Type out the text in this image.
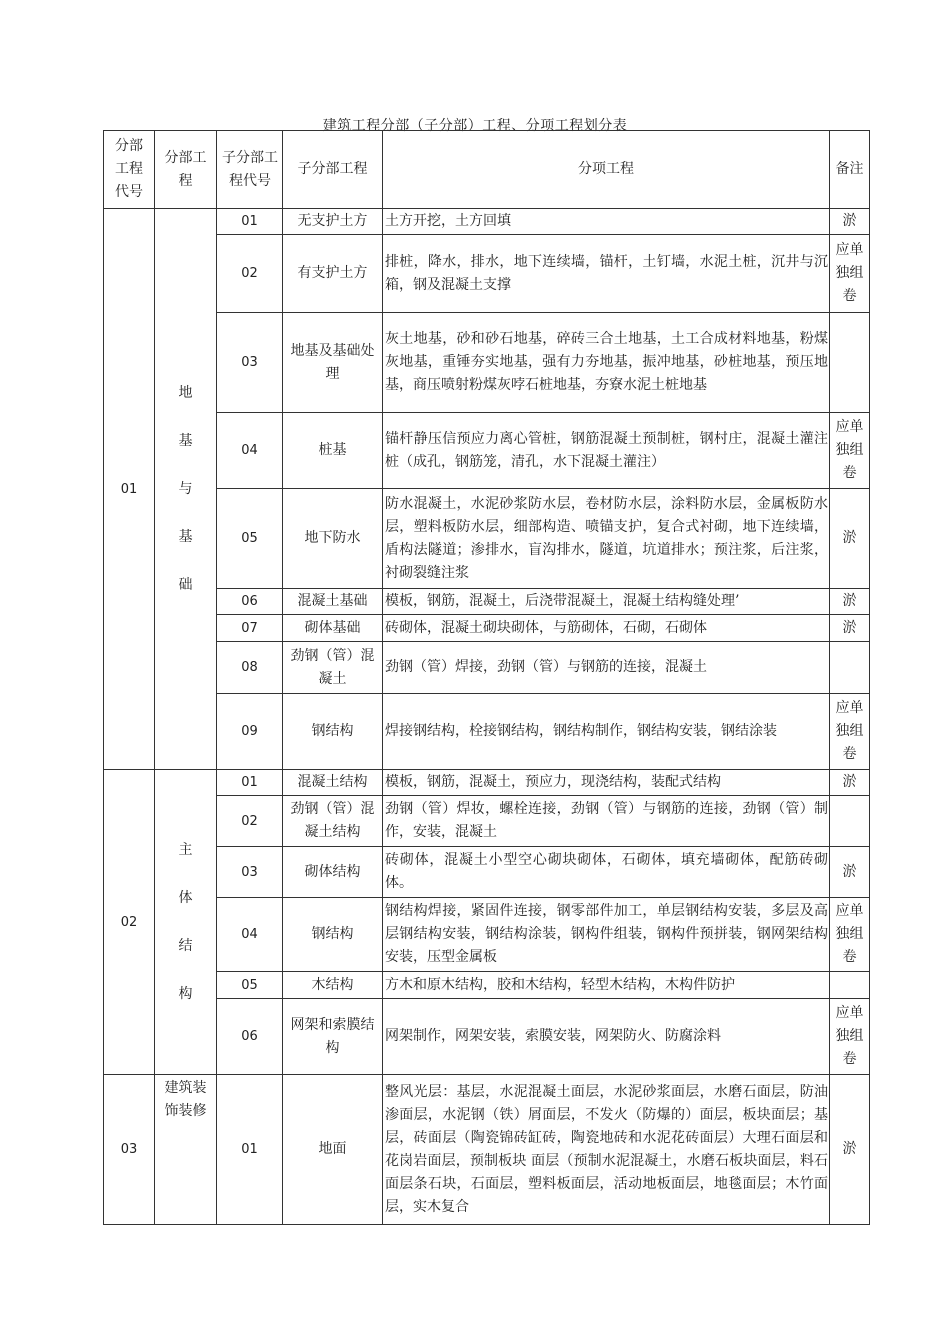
建筑工程分部（子分部）工程、分项工程划分表
分部工程代号	分部工程	子分部工程代号	子分部工程	分项工程	备注
01	地基与基础	01	无支护土方	土方开挖，土方回填	淤
		02	有支护土方	排桩，降水，排水，地下连续墙，锚杆，土钉墙，水泥土桩，沉井与沉箱，钢及混凝土支撑	应单独组卷
		03	地基及基础处理	灰土地基，砂和砂石地基，碎砖三合土地基，土工合成材料地基，粉煤灰地基，重锤夯实地基，强有力夯地基，振冲地基，砂桩地基，预压地基，商压喷射粉煤灰哱石桩地基，夯寮水泥土桩地基	
		04	桩基	锚杆静压信预应力离心管桩，钢筋混凝土预制桩，钢村庄，混凝土灌注桩（成孔，钢筋笼，清孔，水下混凝土灌注）	应单独组卷
		05	地下防水	防水混凝土，水泥砂浆防水层，卷材防水层，涂料防水层，金属板防水层，塑料板防水层，细部构造、喷锚支护，复合式衬砌，地下连续墙，盾构法隧道；渗排水，盲沟排水，隧道，坑道排水；预注浆，后注浆，衬砌裂缝注浆	淤
		06	混凝土基础	模板，钢筋，混凝土，后浇带混凝土，混凝土结构缝处理’	淤
		07	砌体基础	砖砌体，混凝土砌块砌体，与筋砌体，石砌，石砌体	淤
		08	劲钢（管）混凝土	劲钢（管）焊接，劲钢（管）与钢筋的连接，混凝土	
		09	钢结构	焊接钢结构，栓接钢结构，钢结构制作，钢结构安装，钢结涂装	应单独组卷
02	主体结构	01	混凝土结构	模板，钢筋，混凝土，预应力，现浇结构，装配式结构	淤
		02	劲钢（管）混凝土结构	劲钢（管）焊妆，螺栓连接，劲钢（管）与钢筋的连接，劲钢（管）制作，安装，混凝土	
		03	砌体结构	砖砌体，混凝土小型空心砌块砌体，石砌体，填充墙砌体，配筋砖砌体。	淤
		04	钢结构	钢结构焊接，紧固件连接，钢零部件加工，单层钢结构安装，多层及高层钢结构安装，钢结构涂装，钢构件组装，钢构件预拼装，钢网架结构安装，压型金属板	应单独组卷
		05	木结构	方木和原木结构，胶和木结构，轻型木结构，木构件防护	
		06	网架和索膜结构	网架制作，网架安装，索膜安装，网架防火、防腐涂料	应单独组卷
03	建筑装饰装修	01	地面	整风光层：基层，水泥混凝土面层，水泥砂浆面层，水磨石面层，防油渗面层，水泥钢（铁）屑面层，不发火（防爆的）面层，板块面层；基层，砖面层（陶瓷锦砖缸砖，陶瓷地砖和水泥花砖面层）大理石面层和花岗岩面层，预制板块 面层（预制水泥混凝土，水磨石板块面层，料石面层条石块，石面层，塑料板面层，活动地板面层，地毯面层；木竹面层，实木复合	淤
